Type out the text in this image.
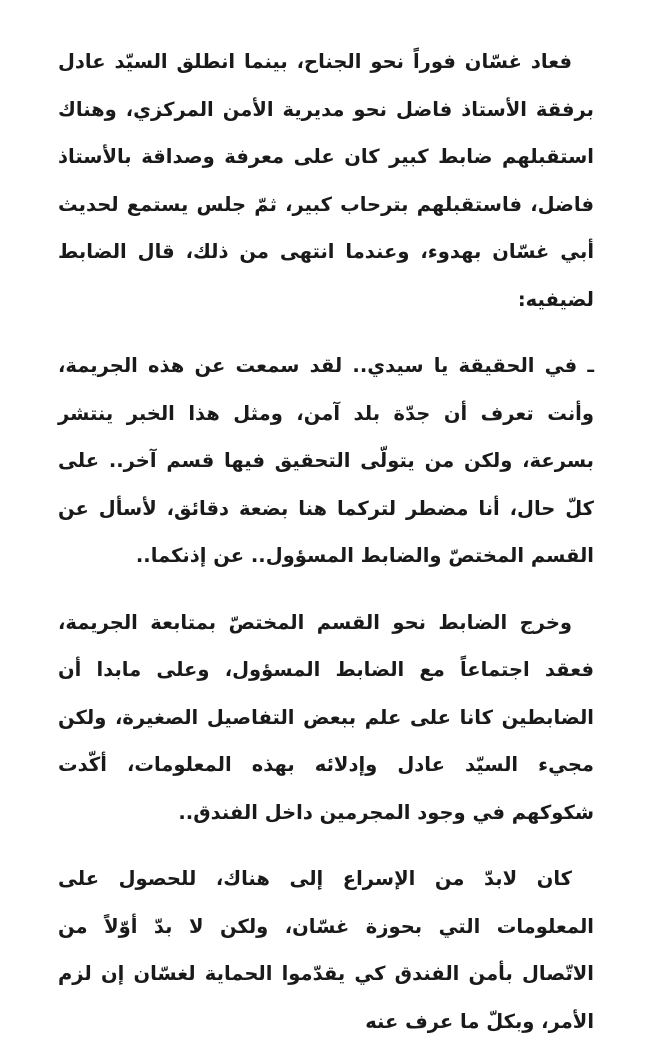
فعاد غسّان فوراً نحو الجناح، بينما انطلق السيّد عادل برفقة الأستاذ فاضل نحو مديرية الأمن المركزي، وهناك استقبلهم ضابط كبير كان على معرفة وصداقة بالأستاذ فاضل، فاستقبلهم بترحاب كبير، ثمّ جلس يستمع لحديث أبي غسّان بهدوء، وعندما انتهى من ذلك، قال الضابط لضيفيه:

ـ في الحقيقة يا سيدي.. لقد سمعت عن هذه الجريمة، وأنت تعرف أن جدّة بلد آمن، ومثل هذا الخبر ينتشر بسرعة، ولكن من يتولّى التحقيق فيها قسم آخر.. على كلّ حال، أنا مضطر لتركما هنا بضعة دقائق، لأسأل عن القسم المختصّ والضابط المسؤول.. عن إذنكما..

وخرج الضابط نحو القسم المختصّ بمتابعة الجريمة، فعقد اجتماعاً مع الضابط المسؤول، وعلى مابدا أن الضابطين كانا على علم ببعض التفاصيل الصغيرة، ولكن مجيء السيّد عادل وإدلائه بهذه المعلومات، أكّدت شكوكهم في وجود المجرمين داخل الفندق..

كان لابدّ من الإسراع إلى هناك، للحصول على المعلومات التي بحوزة غسّان، ولكن لا بدّ أوّلاً من الاتّصال بأمن الفندق كي يقدّموا الحماية لغسّان إن لزم الأمر، وبكلّ ما عرف عنه
